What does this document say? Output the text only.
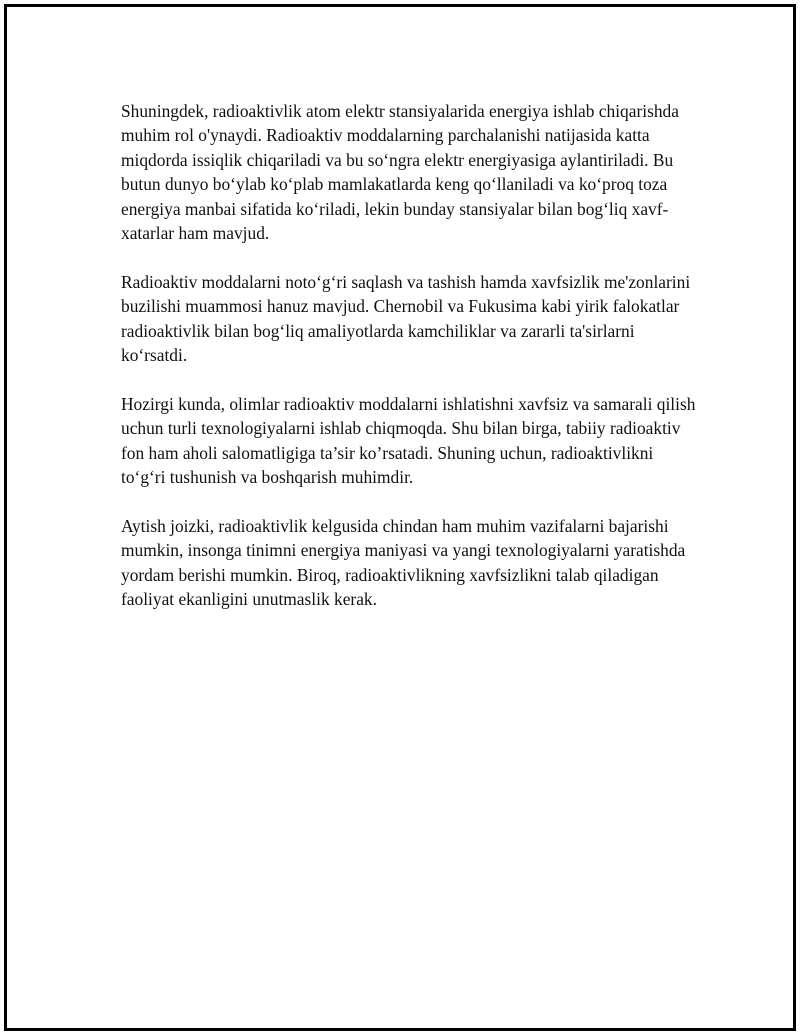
Shuningdek, radioaktivlik atom elektr stansiyalarida energiya ishlab chiqarishda muhim rol o'ynaydi. Radioaktiv moddalarning parchalanishi natijasida katta miqdorda issiqlik chiqariladi va bu so‘ngra elektr energiyasiga aylantiriladi. Bu butun dunyo bo‘ylab ko‘plab mamlakatlarda keng qo‘llaniladi va ko‘proq toza energiya manbai sifatida ko‘riladi, lekin bunday stansiyalar bilan bog‘liq xavf-xatarlar ham mavjud.

Radioaktiv moddalarni noto‘g‘ri saqlash va tashish hamda xavfsizlik me'zonlarini buzilishi muammosi hanuz mavjud. Chernobil va Fukusima kabi yirik falokatlar radioaktivlik bilan bog‘liq amaliyotlarda kamchiliklar va zararli ta'sirlarni ko‘rsatdi.

Hozirgi kunda, olimlar radioaktiv moddalarni ishlatishni xavfsiz va samarali qilish uchun turli texnologiyalarni ishlab chiqmoqda. Shu bilan birga, tabiiy radioaktiv fon ham aholi salomatligiga ta’sir ko’rsatadi. Shuning uchun, radioaktivlikni to‘g‘ri tushunish va boshqarish muhimdir.

Aytish joizki, radioaktivlik kelgusida chindan ham muhim vazifalarni bajarishi mumkin, insonga tinimni energiya maniyasi va yangi texnologiyalarni yaratishda yordam berishi mumkin. Biroq, radioaktivlikning xavfsizlikni talab qiladigan faoliyat ekanligini unutmaslik kerak.
